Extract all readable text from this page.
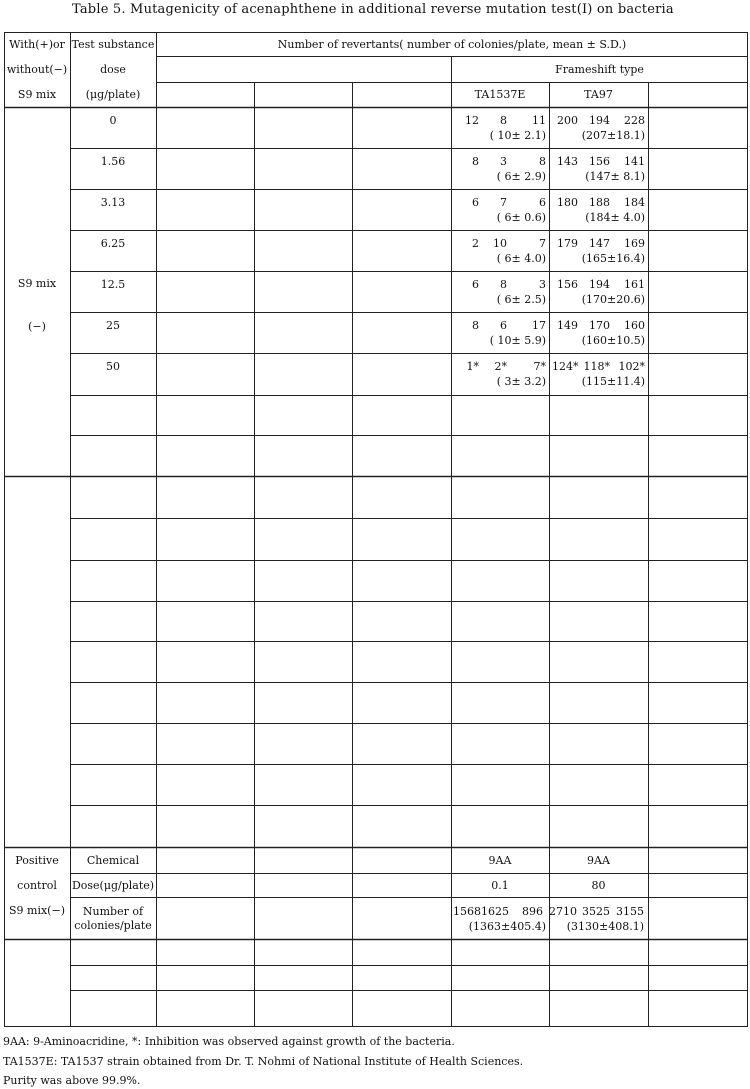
Table 5. Mutagenicity of acenaphthene in additional reverse mutation test(Ⅰ) on bacteria
With(+)or
without(−)
S9 mix
Test substance
dose
(μg/plate)
Number of revertants( number of colonies/plate, mean ± S.D.)
Frameshift type
TA1537E	TA97
S9 mix
(−)
0	12	8	11
( 10± 2.1)
200	194	228
(207±18.1)
1.56	8	3	8
( 6± 2.9)
143	156	141
(147± 8.1)
3.13	6	7	6
( 6± 0.6)
180	188	184
(184± 4.0)
6.25	2	10	7
( 6± 4.0)
179	147	169
(165±16.4)
12.5	6	8	3
( 6± 2.5)
156	194	161
(170±20.6)
25	8	6	17
( 10± 5.9)
149	170	160
(160±10.5)
50	1*	2*	7*
( 3± 3.2)
124* 118* 102*
(115±11.4)
Positive
control
S9 mix(−)
Chemical
Dose(μg/plate)
Number of
colonies/plate
9AA	9AA
0.1	80
1568 1625	896
(1363±405.4)
2710 3525 3155
(3130±408.1)
9AA: 9-Aminoacridine, *: Inhibition was observed against growth of the bacteria.
TA1537E: TA1537 strain obtained from Dr. T. Nohmi of National Institute of Health Sciences.
Purity was above 99.9%.
